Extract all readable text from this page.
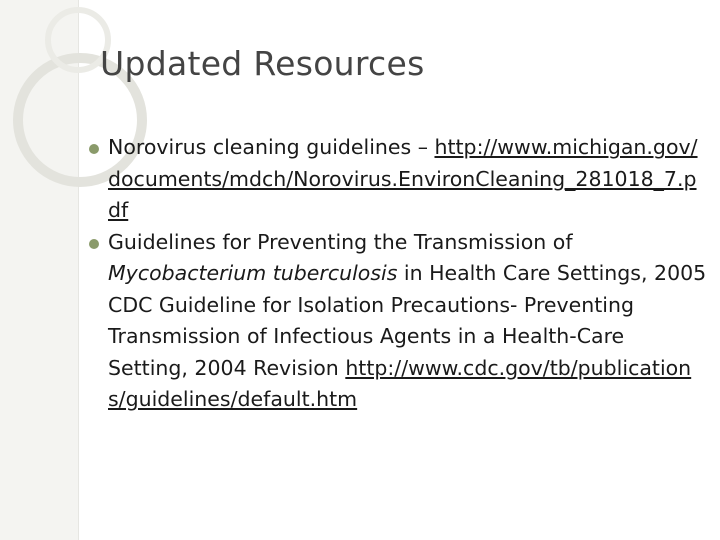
Updated Resources
Norovirus cleaning guidelines – http://www.michigan.gov/documents/mdch/Norovirus.EnvironCleaning_281018_7.pdf
Guidelines for Preventing the Transmission of Mycobacterium tuberculosis in Health Care Settings, 2005 CDC Guideline for Isolation Precautions- Preventing Transmission of Infectious Agents in a Health-Care Setting, 2004 Revision http://www.cdc.gov/tb/publications/guidelines/default.htm
